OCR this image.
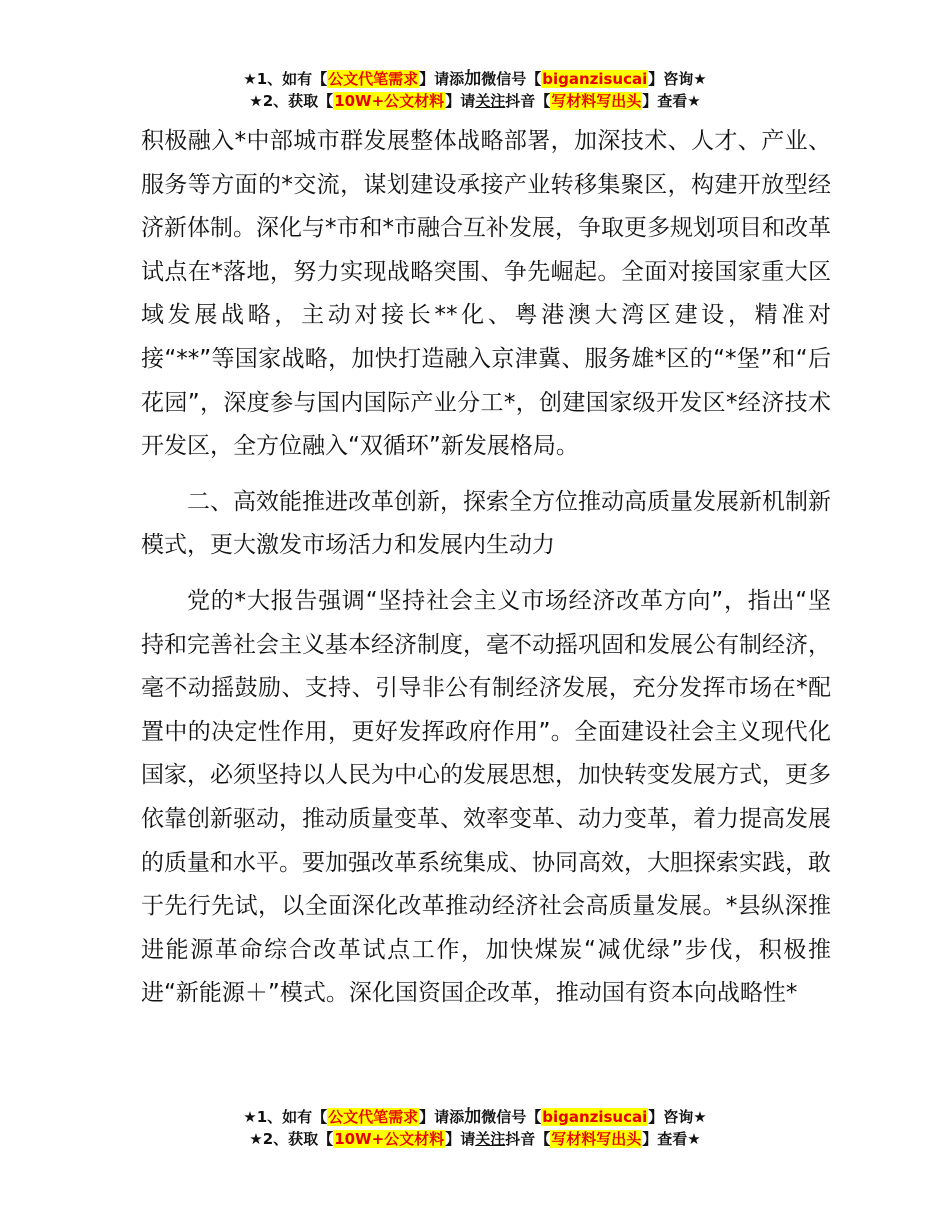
★1、如有【公文代笔需求】请添加微信号【biganzisucai】咨询★
★2、获取【10W+公文材料】请关注抖音【写材料写出头】查看★

积极融入*中部城市群发展整体战略部署，加深技术、人才、产业、服务等方面的*交流，谋划建设承接产业转移集聚区，构建开放型经济新体制。深化与*市和*市融合互补发展，争取更多规划项目和改革试点在*落地，努力实现战略突围、争先崛起。全面对接国家重大区域发展战略，主动对接长**化、粤港澳大湾区建设，精准对接“**”等国家战略，加快打造融入京津冀、服务雄*区的“*堡”和“后花园”，深度参与国内国际产业分工*，创建国家级开发区*经济技术开发区，全方位融入“双循环”新发展格局。

二、高效能推进改革创新，探索全方位推动高质量发展新机制新模式，更大激发市场活力和发展内生动力

党的*大报告强调“坚持社会主义市场经济改革方向”，指出“坚持和完善社会主义基本经济制度，毫不动摇巩固和发展公有制经济，毫不动摇鼓励、支持、引导非公有制经济发展，充分发挥市场在*配置中的决定性作用，更好发挥政府作用”。全面建设社会主义现代化国家，必须坚持以人民为中心的发展思想，加快转变发展方式，更多依靠创新驱动，推动质量变革、效率变革、动力变革，着力提高发展的质量和水平。要加强改革系统集成、协同高效，大胆探索实践，敢于先行先试，以全面深化改革推动经济社会高质量发展。*县纵深推进能源革命综合改革试点工作，加快煤炭“减优绿”步伐，积极推进“新能源＋”模式。深化国资国企改革，推动国有资本向战略性*

★1、如有【公文代笔需求】请添加微信号【biganzisucai】咨询★
★2、获取【10W+公文材料】请关注抖音【写材料写出头】查看★
